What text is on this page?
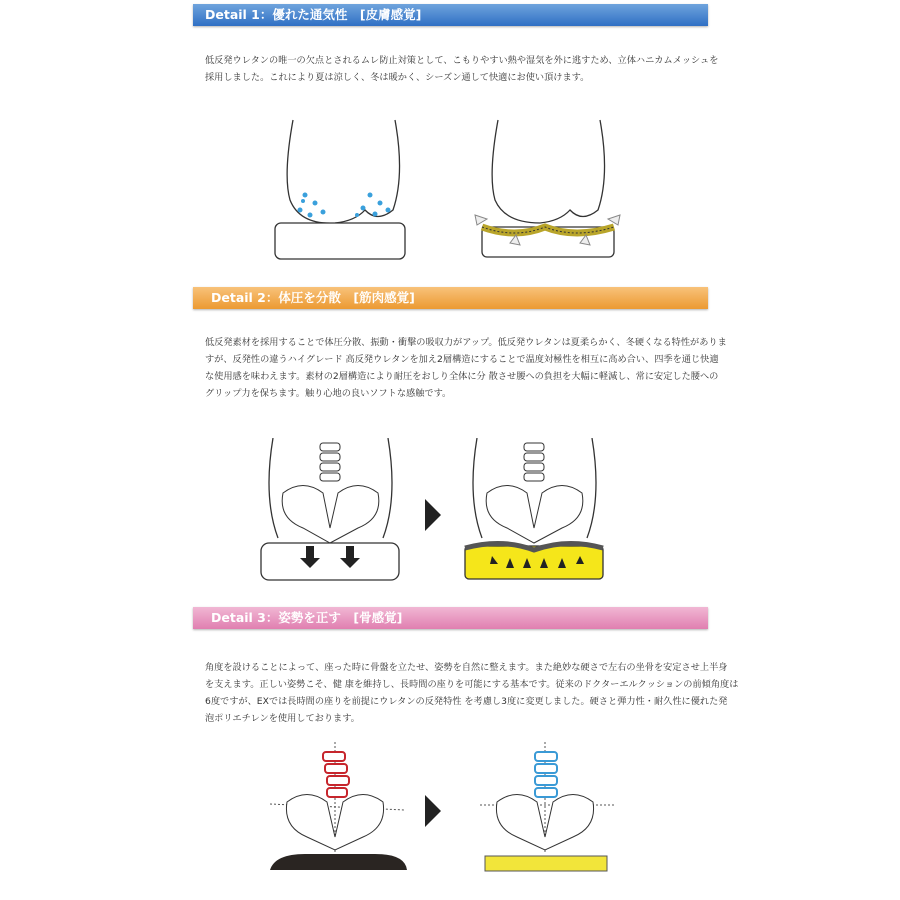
Detail 1：優れた通気性　[皮膚感覚]
低反発ウレタンの唯一の欠点とされるムレ防止対策として、こもりやすい熱や湿気を外に逃すため、立体ハニカムメッシュを
採用しました。これにより夏は涼しく、冬は暖かく、シーズン通して快適にお使い頂けます。
Detail 2：体圧を分散　[筋肉感覚]
低反発素材を採用することで体圧分散、振動・衝撃の吸収力がアップ。低反発ウレタンは夏柔らかく、冬硬くなる特性がありま
すが、反発性の違うハイグレード 高反発ウレタンを加え2層構造にすることで温度対極性を相互に高め合い、四季を通じ快適
な使用感を味わえます。素材の2層構造により耐圧をおしり全体に分 散させ腰への負担を大幅に軽減し、常に安定した腰への
グリップ力を保ちます。触り心地の良いソフトな感触です。
Detail 3：姿勢を正す　[骨感覚]
角度を設けることによって、座った時に骨盤を立たせ、姿勢を自然に整えます。また絶妙な硬さで左右の坐骨を安定させ上半身
を支えます。正しい姿勢こそ、健 康を維持し、長時間の座りを可能にする基本です。従来のドクターエルクッションの前傾角度は
6度ですが、EXでは長時間の座りを前提にウレタンの反発特性 を考慮し3度に変更しました。硬さと弾力性・耐久性に優れた発
泡ポリエチレンを使用しております。
